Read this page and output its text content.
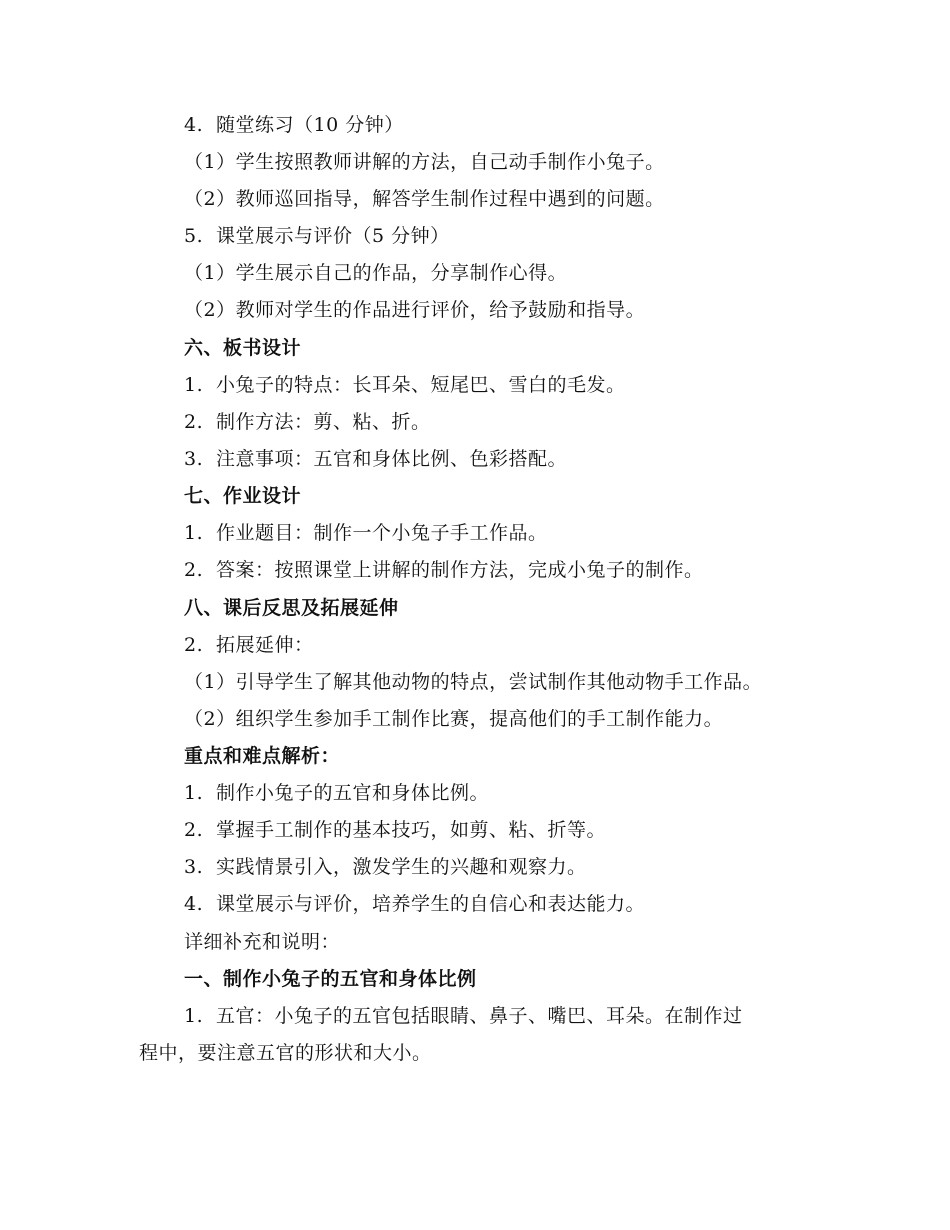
4. 随堂练习（10 分钟）
（1）学生按照教师讲解的方法，自己动手制作小兔子。
（2）教师巡回指导，解答学生制作过程中遇到的问题。
5. 课堂展示与评价（5 分钟）
（1）学生展示自己的作品，分享制作心得。
（2）教师对学生的作品进行评价，给予鼓励和指导。
六、板书设计
1. 小兔子的特点：长耳朵、短尾巴、雪白的毛发。
2. 制作方法：剪、粘、折。
3. 注意事项：五官和身体比例、色彩搭配。
七、作业设计
1. 作业题目：制作一个小兔子手工作品。
2. 答案：按照课堂上讲解的制作方法，完成小兔子的制作。
八、课后反思及拓展延伸
2. 拓展延伸：
（1）引导学生了解其他动物的特点，尝试制作其他动物手工作品。
（2）组织学生参加手工制作比赛，提高他们的手工制作能力。
重点和难点解析：
1. 制作小兔子的五官和身体比例。
2. 掌握手工制作的基本技巧，如剪、粘、折等。
3. 实践情景引入，激发学生的兴趣和观察力。
4. 课堂展示与评价，培养学生的自信心和表达能力。
详细补充和说明：
一、制作小兔子的五官和身体比例
1. 五官：小兔子的五官包括眼睛、鼻子、嘴巴、耳朵。在制作过
程中，要注意五官的形状和大小。
